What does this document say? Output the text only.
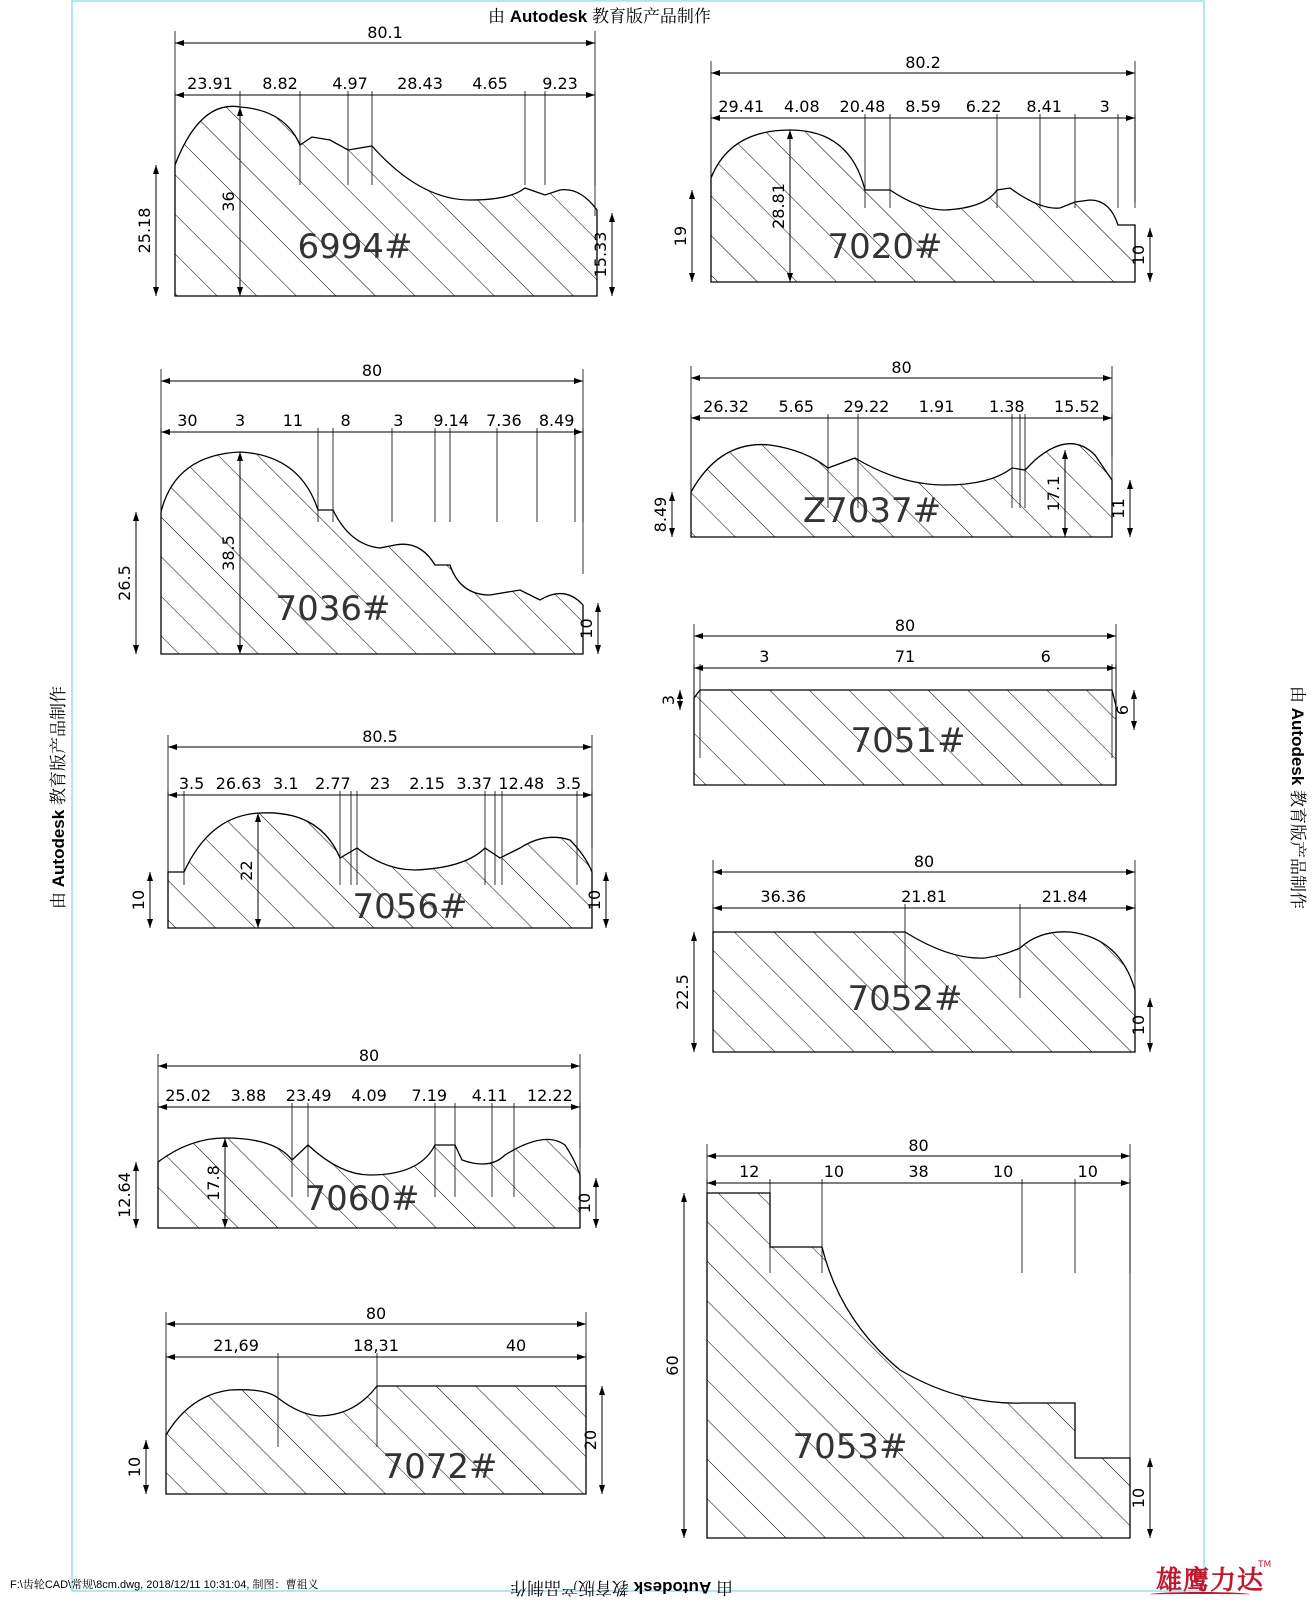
80.1
23.91 8.82 4.97 28.43 4.65 9.23
25.18
36
15.33
6994#
80.2
29.41 4.08 20.48 8.59 6.22 8.41 3
19
28.81
10
7020#
80
30 3 11 8	3 9.14 7.36 8.49
26.5
38.5
10
7036#
80
26.32 5.65 29.22 1.91 1.38 15.52
8.49
17.1	11
Z7037#
80
3	71	6
3
6
7051#
80.5
3.5 26.63 3.1 2.77 23 2.15 3.37 12.48 3.5
10
22
10
7056#
80
36.36	21.81	21.84
22.5
10
7052#
80
25.02 3.88 23.49 4.09 7.19 4.11 12.22
12.64	17.8
10
7060#
80
12	10	38	10	10
60
10
7053#
80
21,69	18,31	40
10
20
7072#
由 Autodesk 教育版产品制作
由 Autodesk 教育版产品制作
由 Autodesk 教育版产品制作	由 Autodesk 教育版产品制作
F:\齿轮CAD\常规\8cm.dwg, 2018/12/11 10:31:04, 制图：曹祖义	雄鹰力达
TM
